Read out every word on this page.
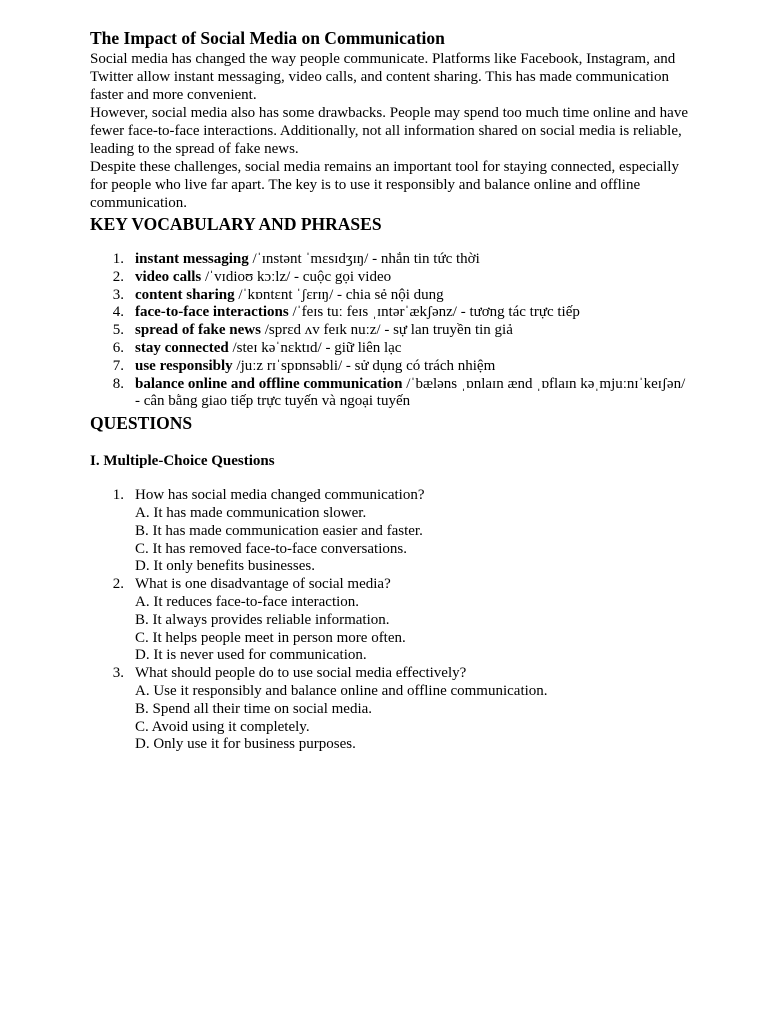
The Impact of Social Media on Communication

Social media has changed the way people communicate. Platforms like Facebook, Instagram, and Twitter allow instant messaging, video calls, and content sharing. This has made communication faster and more convenient.

However, social media also has some drawbacks. People may spend too much time online and have fewer face-to-face interactions. Additionally, not all information shared on social media is reliable, leading to the spread of fake news.

Despite these challenges, social media remains an important tool for staying connected, especially for people who live far apart. The key is to use it responsibly and balance online and offline communication.

KEY VOCABULARY AND PHRASES
1. instant messaging /ˈɪnstənt ˈmɛsɪdʒɪŋ/ - nhắn tin tức thời
2. video calls /ˈvɪdioʊ kɔːlz/ - cuộc gọi video
3. content sharing /ˈkɒntɛnt ˈʃɛrɪŋ/ - chia sẻ nội dung
4. face-to-face interactions /ˈfeɪs tuː feɪs ˌɪntərˈækʃənz/ - tương tác trực tiếp
5. spread of fake news /sprɛd ʌv feɪk nuːz/ - sự lan truyền tin giả
6. stay connected /steɪ kəˈnɛktɪd/ - giữ liên lạc
7. use responsibly /juːz rɪˈspɒnsəbli/ - sử dụng có trách nhiệm
8. balance online and offline communication /ˈbæləns ˌɒnlaɪn ænd ˌɒflaɪn kəˌmjuːnɪˈkeɪʃən/ - cân bằng giao tiếp trực tuyến và ngoại tuyến
QUESTIONS
I. Multiple-Choice Questions
1. How has social media changed communication?
A. It has made communication slower.
B. It has made communication easier and faster.
C. It has removed face-to-face conversations.
D. It only benefits businesses.
2. What is one disadvantage of social media?
A. It reduces face-to-face interaction.
B. It always provides reliable information.
C. It helps people meet in person more often.
D. It is never used for communication.
3. What should people do to use social media effectively?
A. Use it responsibly and balance online and offline communication.
B. Spend all their time on social media.
C. Avoid using it completely.
D. Only use it for business purposes.
